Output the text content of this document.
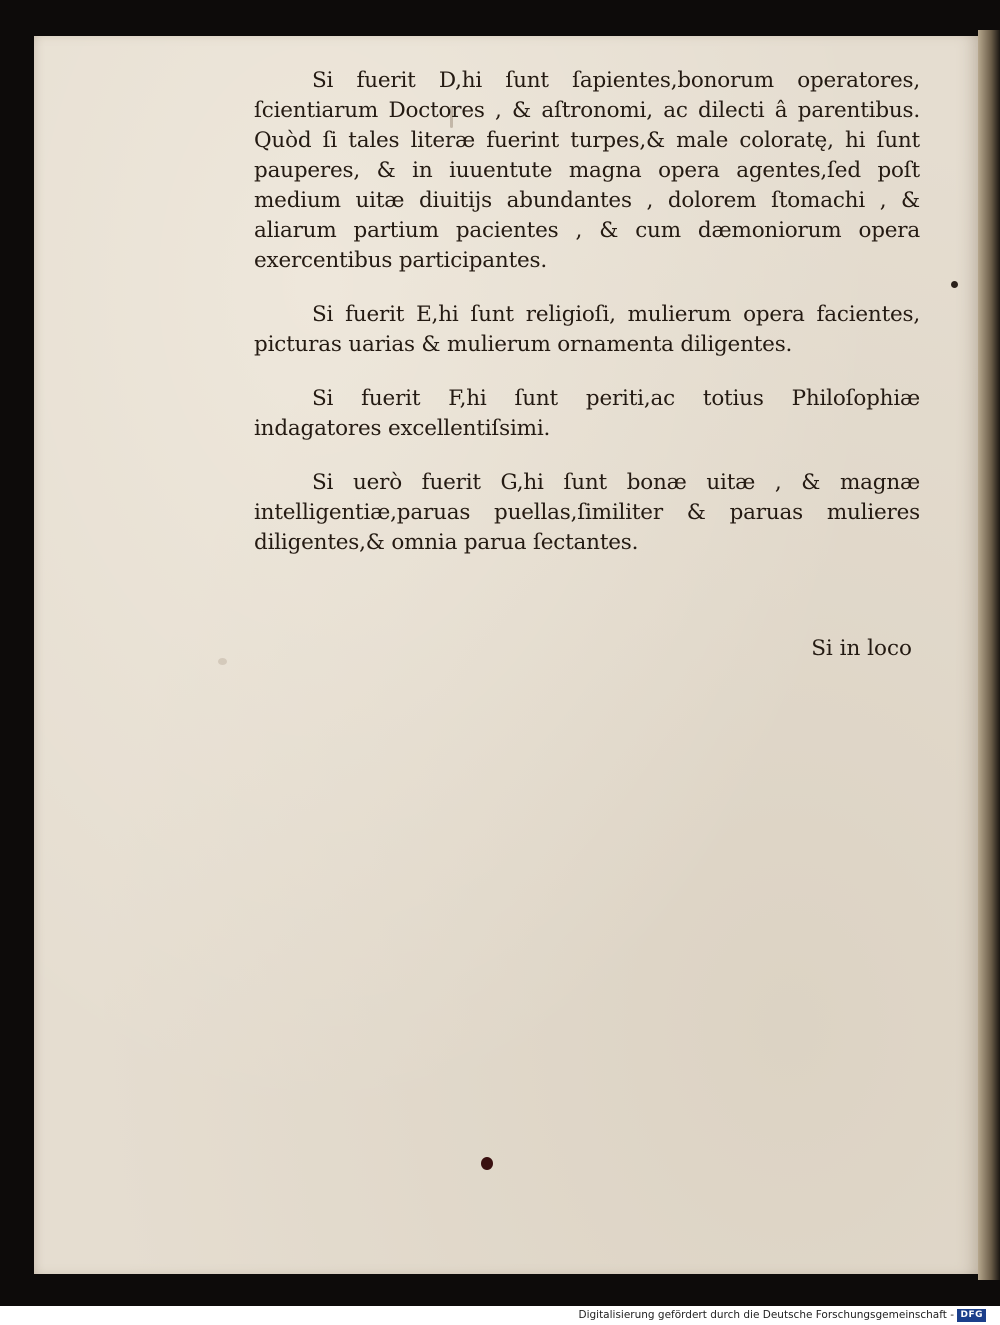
Si fuerit D,hi ſunt ſapientes,bonorum operatores, ſcientiarum Doctores , & aſtronomi, ac dilecti â parentibus. Quòd ſi tales literæ fuerint turpes,& male coloratę, hi ſunt pauperes, & in iuuentute magna opera agentes,ſed poſt medium uitæ diuitijs abundantes , dolorem ſtomachi , & aliarum partium pacientes , & cum dæmoniorum opera exercentibus participantes.

Si fuerit E,hi ſunt religioſi, mulierum opera facientes, picturas uarias & mulierum ornamenta diligentes.

Si fuerit F,hi ſunt periti,ac totius Philoſophiæ indagatores excellentiſsimi.

Si uerò fuerit G,hi ſunt bonæ uitæ , & magnæ intelligentiæ,paruas puellas,ſimiliter & paruas mulieres diligentes,& omnia parua ſectantes.

Si in loco
Digitalisierung gefördert durch die Deutsche Forschungsgemeinschaft - DFG
